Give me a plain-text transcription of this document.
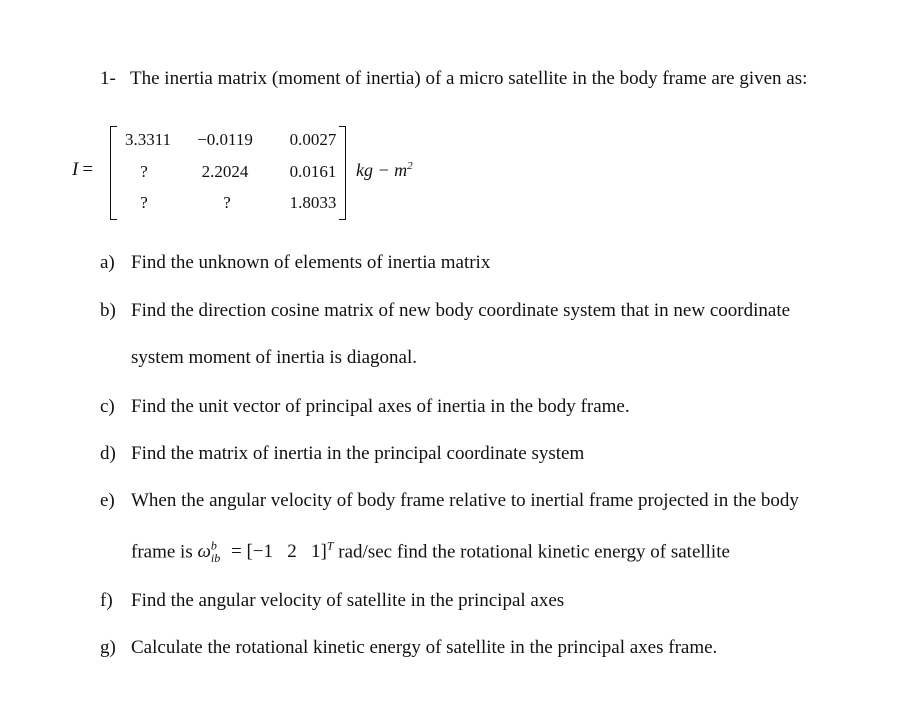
1- The inertia matrix (moment of inertia) of a micro satellite in the body frame are given as:
I =
3.3311 −0.0119 0.0027
?	2.2024 0.0161
?	?	1.8033
kg − $m^2$
a) Find the unknown of elements of inertia matrix
b) Find the direction cosine matrix of new body coordinate system that in new coordinate
system moment of inertia is diagonal.
c) Find the unit vector of principal axes of inertia in the body frame.
d) Find the matrix of inertia in the principal coordinate system
e) When the angular velocity of body frame relative to inertial frame projected in the body
frame is $\omega^b_{ib} = [-1$   2   1]$^T$ rad/sec find the rotational kinetic energy of satellite
f) Find the angular velocity of satellite in the principal axes
g) Calculate the rotational kinetic energy of satellite in the principal axes frame.
